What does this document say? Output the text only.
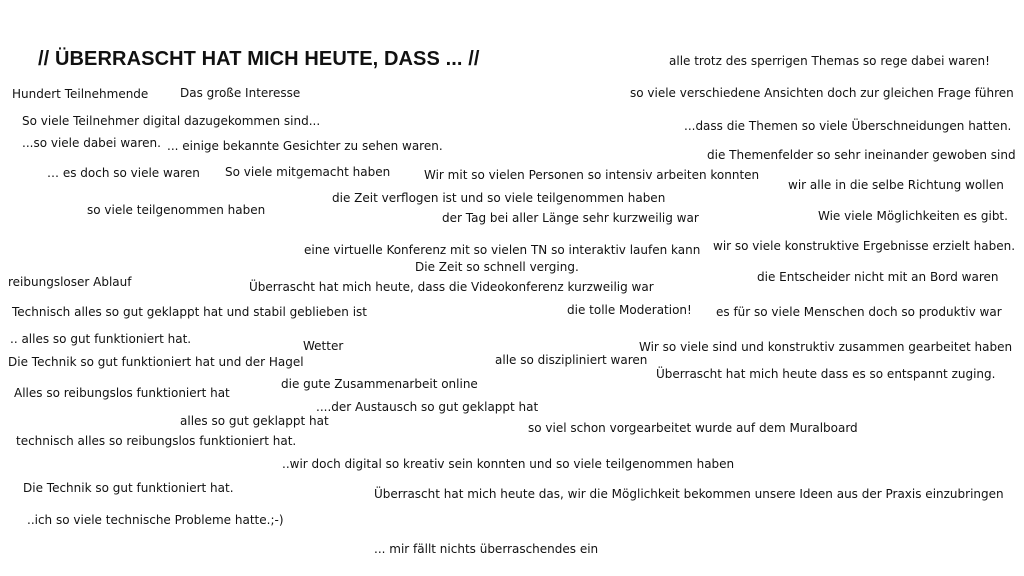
// ÜBERRASCHT HAT MICH HEUTE, DASS ... //	alle trotz des sperrigen Themas so rege dabei waren!
Hundert Teilnehmende	Das große Interesse	so viele verschiedene Ansichten doch zur gleichen Frage führen
So viele Teilnehmer digital dazugekommen sind...	...dass die Themen so viele Überschneidungen hatten.
...so viele dabei waren. ... einige bekannte Gesichter zu sehen waren.
die Themenfelder so sehr ineinander gewoben sind
… es doch so viele waren So viele mitgemacht haben	Wir mit so vielen Personen so intensiv arbeiten konnten
wir alle in die selbe Richtung wollen
die Zeit verflogen ist und so viele teilgenommen haben
so viele teilgenommen haben
der Tag bei aller Länge sehr kurzweilig war	Wie viele Möglichkeiten es gibt.
eine virtuelle Konferenz mit so vielen TN so interaktiv laufen kann wir so viele konstruktive Ergebnisse erzielt haben.
Die Zeit so schnell verging.
die Entscheider nicht mit an Bord waren
reibungsloser Ablauf	Überrascht hat mich heute, dass die Videokonferenz kurzweilig war
die tolle Moderation!
Technisch alles so gut geklappt hat und stabil geblieben ist	es für so viele Menschen doch so produktiv war
.. alles so gut funktioniert hat.	Wetter	Wir so viele sind und konstruktiv zusammen gearbeitet haben
Die Technik so gut funktioniert hat und der Hagel	alle so diszipliniert waren
Überrascht hat mich heute dass es so entspannt zuging.
die gute Zusammenarbeit online
Alles so reibungslos funktioniert hat
....der Austausch so gut geklappt hat
alles so gut geklappt hat	so viel schon vorgearbeitet wurde auf dem Muralboard
technisch alles so reibungslos funktioniert hat.
..wir doch digital so kreativ sein konnten und so viele teilgenommen haben
Die Technik so gut funktioniert hat.	Überrascht hat mich heute das, wir die Möglichkeit bekommen unsere Ideen aus der Praxis einzubringen
..ich so viele technische Probleme hatte.;-)
... mir fällt nichts überraschendes ein
